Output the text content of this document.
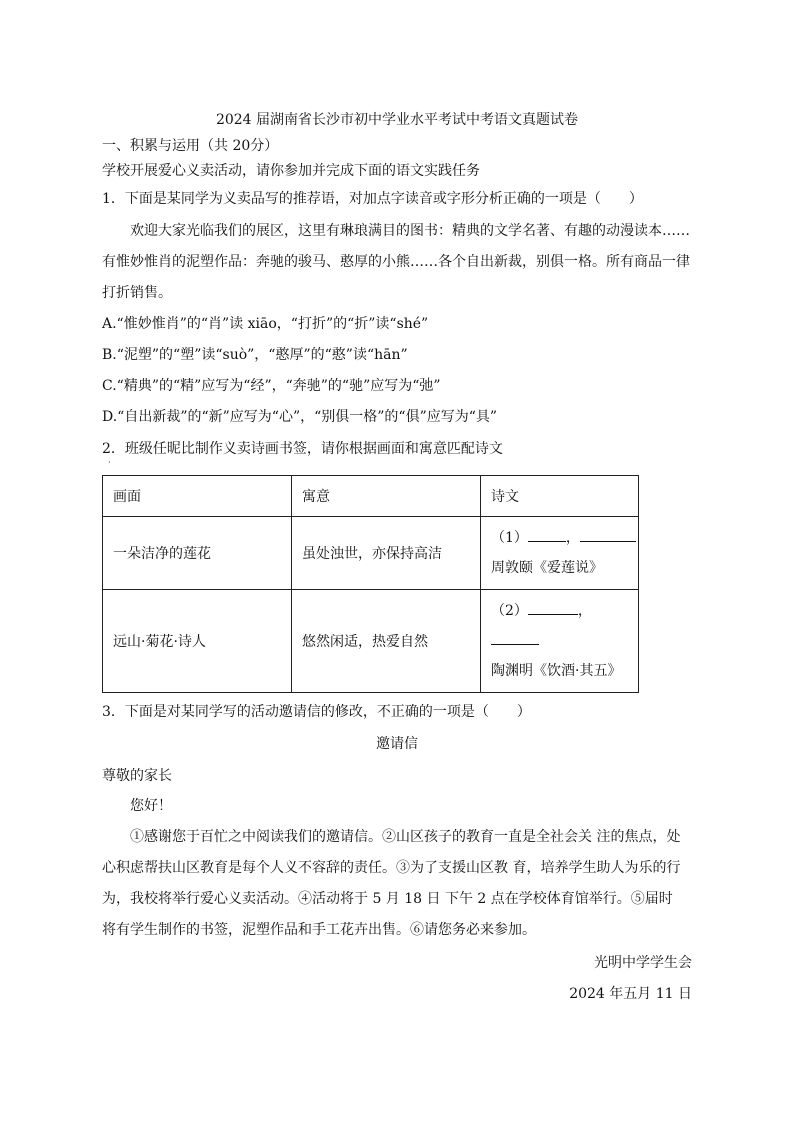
2024 届湖南省长沙市初中学业水平考试中考语文真题试卷
一、积累与运用（共 20分）
学校开展爱心义卖活动，请你参加并完成下面的语文实践任务
1．下面是某同学为义卖品写的推荐语，对加点字读音或字形分析正确的一项是（　　）
欢迎大家光临我们的展区，这里有琳琅满目的图书：精典的文学名著、有趣的动漫读本……
有惟妙惟肖的泥塑作品：奔驰的骏马、憨厚的小熊……各个自出新裁，别俱一格。所有商品一律
打折销售。
A.“惟妙惟肖”的“肖”读 xiāo，“打折”的“折”读“shé”
B.“泥塑”的“塑”读“suò”，“憨厚”的“憨”读“hān”
C.“精典”的“精”应写为“经”，“奔驰”的“驰”应写为“弛”
D.“自出新裁”的“新”应写为“心”，“别俱一格”的“俱”应写为“具”
2．班级任昵比制作义卖诗画书签，请你根据画面和寓意匹配诗文
·
画面	寓意	诗文
一朵洁净的莲花	虽处浊世，亦保持高洁	（1） ，
周敦颐《爱莲说》

远山·菊花·诗人	悠然闲适，热爱自然	（2） ，
陶渊明《饮酒·其五》
3．下面是对某同学写的活动邀请信的修改，不正确的一项是（　　）
邀请信
尊敬的家长
您好！
①感谢您于百忙之中阅读我们的邀请信。②山区孩子的教育一直是全社会关 注的焦点，处
心积虑帮扶山区教育是每个人义不容辞的责任。③为了支援山区教 育，培养学生助人为乐的行
为，我校将举行爱心义卖活动。④活动将于 5 月 18 日 下午 2 点在学校体育馆举行。⑤届时
将有学生制作的书签，泥塑作品和手工花卉出售。⑥请您务必来参加。
光明中学学生会
2024 年五月 11 日
